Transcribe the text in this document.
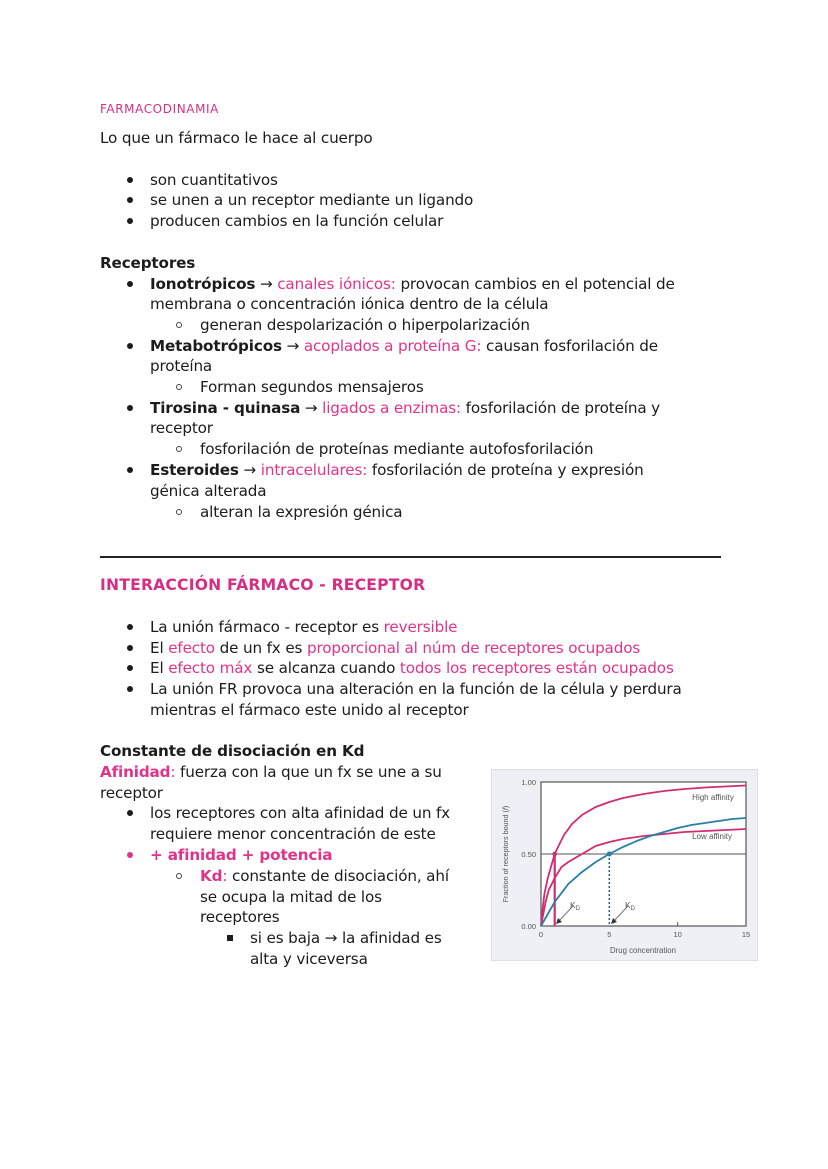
farmacodinamia
Lo que un fármaco le hace al cuerpo
son cuantitativos
se unen a un receptor mediante un ligando
producen cambios en la función celular
Receptores
Ionotrópicos → canales iónicos: provocan cambios en el potencial de
membrana o concentración iónica dentro de la célula
generan despolarización o hiperpolarización
Metabotrópicos → acoplados a proteína G: causan fosforilación de
proteína
Forman segundos mensajeros
Tirosina - quinasa → ligados a enzimas: fosforilación de proteína y
receptor
fosforilación de proteínas mediante autofosforilación
Esteroides → intracelulares: fosforilación de proteína y expresión
génica alterada
alteran la expresión génica
INTERACCIÓN FÁRMACO - RECEPTOR
La unión fármaco - receptor es reversible
El efecto de un fx es proporcional al núm de receptores ocupados
El efecto máx se alcanza cuando todos los receptores están ocupados
La unión FR provoca una alteración en la función de la célula y perdura
mientras el fármaco este unido al receptor
Constante de disociación en Kd
Afinidad: fuerza con la que un fx se une a su
receptor
los receptores con alta afinidad de un fx
requiere menor concentración de este
+ afinidad + potencia
Kd: constante de disociación, ahí
se ocupa la mitad de los
receptores
si es baja → la afinidad es
alta y viceversa
$K_D$	$K_D$
High affinity
Low affinity
1.00
0.50
0.00
0	5	10	15
Drug concentration
Fraction of receptors bound (f)
